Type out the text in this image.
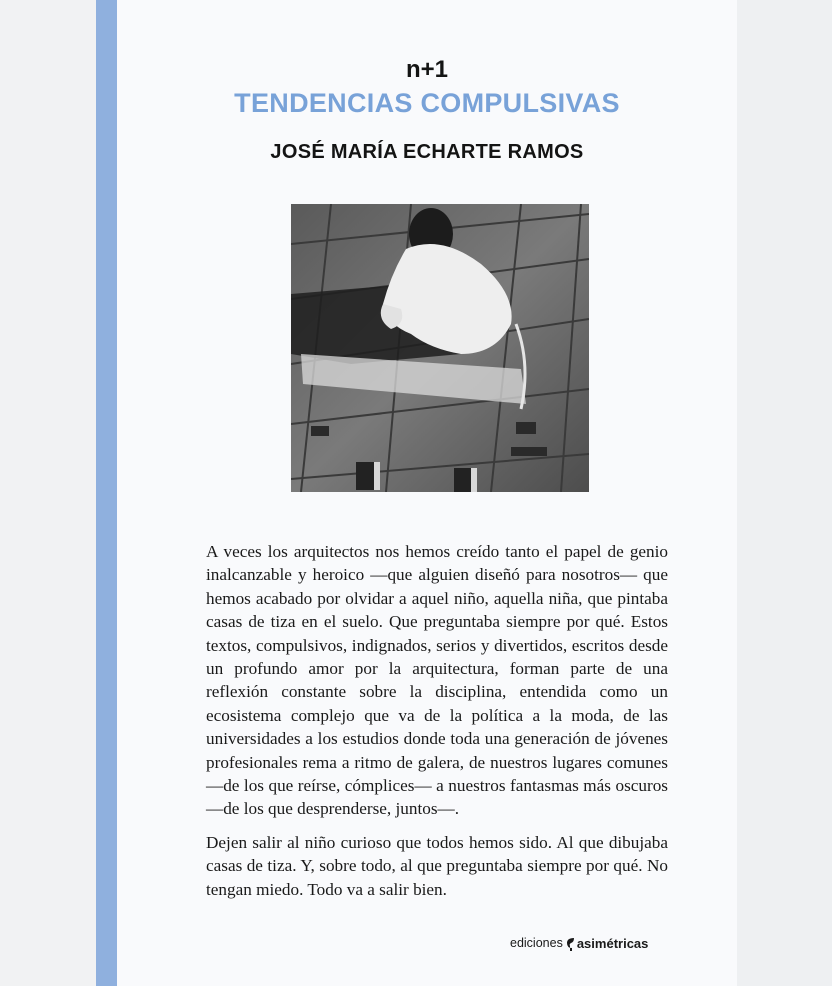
n+1
TENDENCIAS COMPULSIVAS
JOSÉ MARÍA ECHARTE RAMOS

A veces los arquitectos nos hemos creído tanto el papel de genio inalcanzable y heroico —que alguien diseñó para nosotros— que hemos acabado por olvidar a aquel niño, aquella niña, que pintaba casas de tiza en el suelo. Que preguntaba siempre por qué. Estos textos, compulsivos, indignados, serios y divertidos, escritos desde un profundo amor por la arquitectura, forman parte de una reflexión constante sobre la disciplina, entendida como un ecosistema complejo que va de la política a la moda, de las universidades a los estudios donde toda una generación de jóvenes profesionales rema a ritmo de galera, de nuestros lugares comunes —de los que reírse, cómplices— a nuestros fantasmas más oscuros —de los que desprenderse, juntos—.

Dejen salir al niño curioso que todos hemos sido. Al que dibujaba casas de tiza. Y, sobre todo, al que preguntaba siempre por qué. No tengan miedo. Todo va a salir bien.

ediciones asimétricas
